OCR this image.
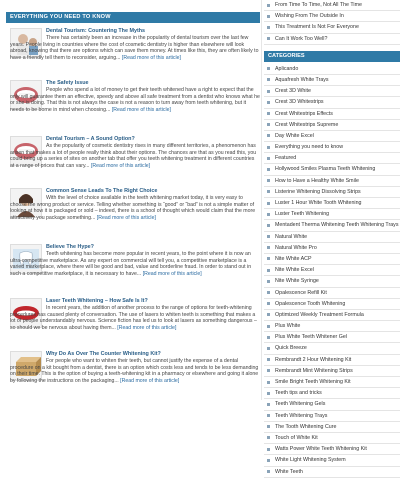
EVERYTHING YOU NEED TO KNOW
Dental Tourism: Countering The Myths
There has certainly been an increase in the popularity of dental tourism over the last few years. People living in countries where the cost of cosmetic dentistry is higher than elsewhere will look abroad, knowing that there are options which can save them money. At times like this, they are often likely to have a friendly tell them to reconsider, arguing... [Read more of this article]
The Safety Issue
People who spend a lot of money to get their teeth whitened have a right to expect that the only will guarantee them an effective, speedy and above all safe treatment from a dentist who knows what he or she is doing. That this is not always the case is not a reason to turn away from teeth whitening, but it needs to be borne in mind when choosing... [Read more of this article]
Dental Tourism – A Sound Option?
As the popularity of cosmetic dentistry rises in many different territories, a phenomenon has arisen that makes a lot of people really think about their options. The chances are that as you read this, you could bring up a series of sites on another tab that offer you teeth whitening treatment in different countries at a range of prices that can vary... [Read more of this article]
Common Sense Leads To The Right Choice
With the level of choice available in the teeth whitening market today, it is very easy to choose the wrong product or service. Telling whether something is “good” or “bad” is not a simple matter of looking at how it is packaged or sold – indeed, there is a school of thought which would claim that the more attractively you package something... [Read more of this article]
Believe The Hype?
Teeth whitening has become more popular in recent years, to the point where it is now an ultra-competitive marketplace. As any expert on commercial will tell you, a competitive marketplace is a varied marketplace, where there will be good and bad, value and borderline fraud. In order to stand out in such a competitive marketplace, it is necessary to have... [Read more of this article]
Laser Teeth Whitening – How Safe Is It?
In recent years, the addition of another process to the range of options for teeth-whitening procedures has caused plenty of conversation. The use of lasers to whiten teeth is something that makes a lot of people understandably nervous. Science fiction has led us to look at lasers as something dangerous – so should we be nervous about having them... [Read more of this article]
Why Do As Over The Counter Whitening Kit?
For people who want to whiten their teeth, but cannot justify the expense of a dental procedure on a kit bought from a dentist, there is an option which costs less and tends to be less demanding on their time. This is the option of buying a teeth-whitening kit in a pharmacy or elsewhere and going it alone by following the instructions on the packaging... [Read more of this article]
From Time To Time, Not All The Time
Wishing From The Outside In
This Treatment Is Not For Everyone
Can It Work Too Well?
CATEGORIES
Aplicando
Aquafresh White Trays
Crest 3D White
Crest 3D Whitestrips
Crest Whitestrips Effects
Crest Whitestrips Supreme
Day White Excel
Everything you need to know
Featured
Hollywood Smiles Plasma Teeth Whitening
How to Have a Healthy White Smile
Listerine Whitening Dissolving Strips
Luster 1 Hour White Tooth Whitening
Luster Teeth Whitening
Mentadent Therma Whitening Teeth Whitening Trays
Natural White
Natural White Pro
Nite White ACP
Nite White Excel
Nite White Syringe
Opalescence Refill Kit
Opalescence Tooth Whitening
Optimized Weekly Treatment Formula
Plus White
Plus White Teeth Whitener Gel
Quick Breeze
Rembrandt 2 Hour Whitening Kit
Rembrandt Mint Whitening Strips
Smile Bright Teeth Whitening Kit
Teeth tips and tricks
Teeth Whitening Gels
Teeth Whitening Trays
The Tooth Whitening Cure
Touch of White Kit
Watts Power White Teeth Whitening Kit
White Light Whitening System
White Teeth
